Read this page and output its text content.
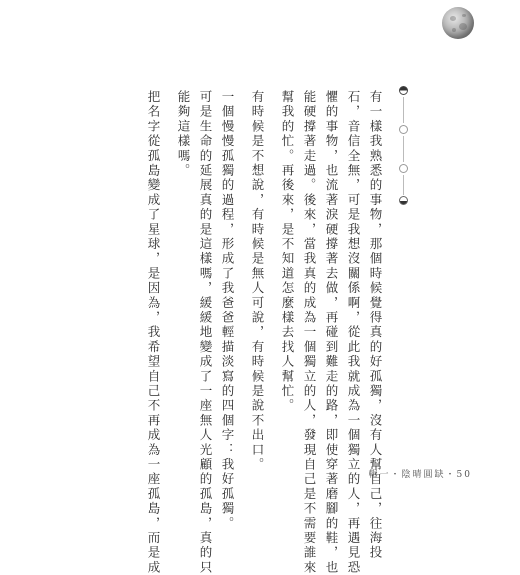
有一樣我熟悉的事物，那個時候覺得真的好孤獨，沒有人幫自己，往海投
石，音信全無，可是我想沒關係啊，從此我就成為一個獨立的人，再遇見恐
懼的事物，也流著淚硬撐著去做，再碰到難走的路，即使穿著磨腳的鞋，也
能硬撐著走過。後來，當我真的成為一個獨立的人，發現自己是不需要誰來
幫我的忙。再後來，是不知道怎麼樣去找人幫忙。
有時候是不想說，有時候是無人可說，有時候是說不出口。
一個慢慢孤獨的過程，形成了我爸爸輕描淡寫的四個字：我好孤獨。
可是生命的延展真的是這樣嗎，緩緩地變成了一座無人光顧的孤島，真的只
能夠這樣嗎。
把名字從孤島變成了星球，是因為，我希望自己不再成為一座孤島，而是成	輯一・陰晴圓缺・50
